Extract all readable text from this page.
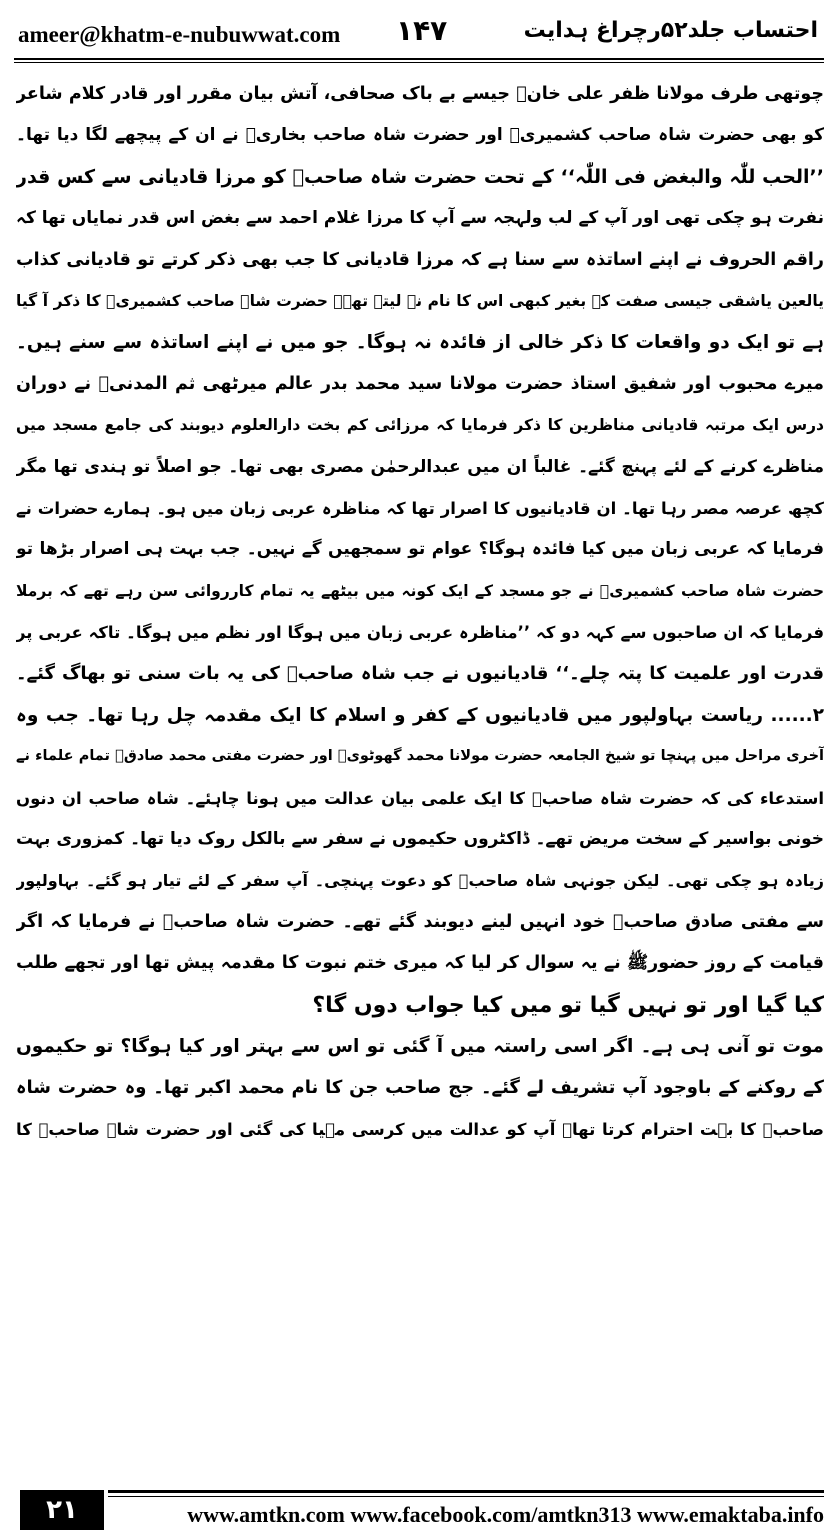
ameer@khatm-e-nubuwwat.com ۱۴۷	احتساب جلد۵۲رچراغ ہدایت
چوتھی طرف مولانا ظفر علی خانؒ جیسے بے باک صحافی، آتش بیان مقرر اور قادر کلام شاعر
کو بھی حضرت شاہ صاحب کشمیریؒ اور حضرت شاہ صاحب بخاریؒ نے ان کے پیچھے لگا دیا تھا۔
’’الحب للّٰہ والبغض فی اللّٰہ‘‘ کے تحت حضرت شاہ صاحبؒ کو مرزا قادیانی سے کس قدر
نفرت ہو چکی تھی اور آپ کے لب ولہجہ سے آپ کا مرزا غلام احمد سے بغض اس قدر نمایاں تھا کہ
راقم الحروف نے اپنے اساتذہ سے سنا ہے کہ مرزا قادیانی کا جب بھی ذکر کرتے تو قادیانی کذاب
یالعین یاشقی جیسی صفت کے بغیر کبھی اس کا نام نہ لیتے تھے۔ حضرت شاہ صاحب کشمیریؒ کا ذکر آ گیا
ہے تو ایک دو واقعات کا ذکر خالی از فائدہ نہ ہوگا۔ جو میں نے اپنے اساتذہ سے سنے ہیں۔
میرے محبوب اور شفیق استاذ حضرت مولانا سید محمد بدر عالم میرٹھی ثم المدنیؒ نے دوران
درس ایک مرتبہ قادیانی مناظرین کا ذکر فرمایا کہ مرزائی کم بخت دارالعلوم دیوبند کی جامع مسجد میں
مناظرے کرنے کے لئے پہنچ گئے۔ غالباً ان میں عبدالرحمٰن مصری بھی تھا۔ جو اصلاً تو ہندی تھا مگر
کچھ عرصہ مصر رہا تھا۔ ان قادیانیوں کا اصرار تھا کہ مناظرہ عربی زبان میں ہو۔ ہمارے حضرات نے
فرمایا کہ عربی زبان میں کیا فائدہ ہوگا؟ عوام تو سمجھیں گے نہیں۔ جب بہت ہی اصرار بڑھا تو
حضرت شاہ صاحب کشمیریؒ نے جو مسجد کے ایک کونہ میں بیٹھے یہ تمام کارروائی سن رہے تھے کہ برملا
فرمایا کہ ان صاحبوں سے کہہ دو کہ ’’مناظرہ عربی زبان میں ہوگا اور نظم میں ہوگا۔ تاکہ عربی پر
قدرت اور علمیت کا پتہ چلے۔‘‘ قادیانیوں نے جب شاہ صاحبؒ کی یہ بات سنی تو بھاگ گئے۔
۲...... ریاست بہاولپور میں قادیانیوں کے کفر و اسلام کا ایک مقدمہ چل رہا تھا۔ جب وہ
آخری مراحل میں پہنچا تو شیخ الجامعہ حضرت مولانا محمد گھوٹویؒ اور حضرت مفتی محمد صادقؒ تمام علماء نے
استدعاء کی کہ حضرت شاہ صاحبؒ کا ایک علمی بیان عدالت میں ہونا چاہئے۔ شاہ صاحب ان دنوں
خونی بواسیر کے سخت مریض تھے۔ ڈاکٹروں حکیموں نے سفر سے بالکل روک دیا تھا۔ کمزوری بہت
زیادہ ہو چکی تھی۔ لیکن جونہی شاہ صاحبؒ کو دعوت پہنچی۔ آپ سفر کے لئے تیار ہو گئے۔ بہاولپور
سے مفتی صادق صاحبؒ خود انہیں لینے دیوبند گئے تھے۔ حضرت شاہ صاحبؒ نے فرمایا کہ اگر
قیامت کے روز حضورﷺ نے یہ سوال کر لیا کہ میری ختم نبوت کا مقدمہ پیش تھا اور تجھے طلب
کیا گیا اور تو نہیں گیا تو میں کیا جواب دوں گا؟
موت تو آنی ہی ہے۔ اگر اسی راستہ میں آ گئی تو اس سے بہتر اور کیا ہوگا؟ تو حکیموں
کے روکنے کے باوجود آپ تشریف لے گئے۔ جج صاحب جن کا نام محمد اکبر تھا۔ وہ حضرت شاہ
صاحبؒ کا بہت احترام کرتا تھا۔ آپ کو عدالت میں کرسی مہیا کی گئی اور حضرت شاہ صاحبؒ کا
۲۱	www.amtkn.com www.facebook.com/amtkn313 www.emaktaba.info
